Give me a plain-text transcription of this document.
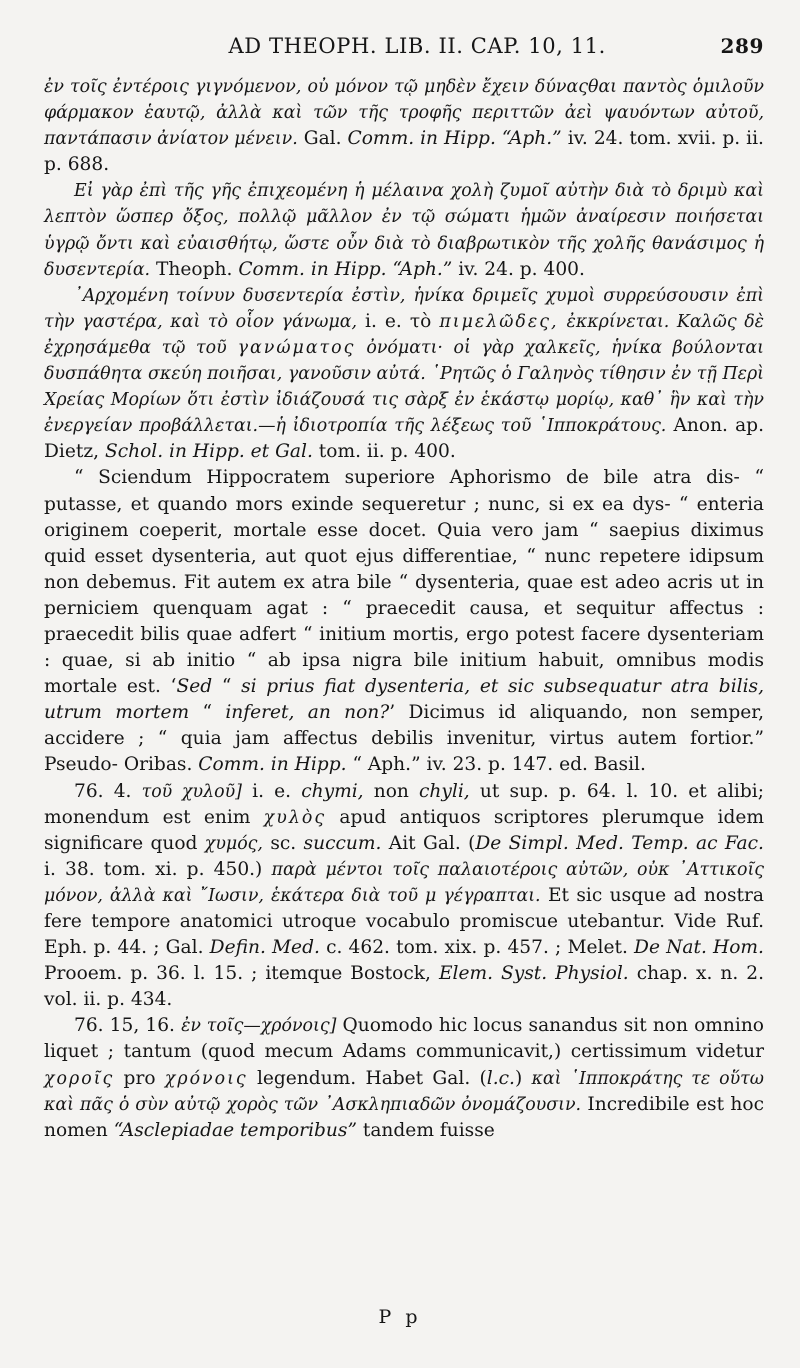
AD THEOPH. LIB. II. CAP. 10, 11.	289

ἐν τοῖς ἐντέροις γιγνόμενον, οὐ μόνον τῷ μηδὲν ἔχειν δύναςθαι παντὸς ὁμιλοῦν φάρμακον ἑαυτῷ, ἀλλὰ καὶ τῶν τῆς τροφῆς περιττῶν ἀεὶ ψαυόντων αὐτοῦ, παντάπασιν ἀνίατον μένειν. Gal. Comm. in Hipp. “Aph.” iv. 24. tom. xvii. p. ii. p. 688.

Εἰ γὰρ ἐπὶ τῆς γῆς ἐπιχεομένη ἡ μέλαινα χολὴ ζυμοῖ αὐτὴν διὰ τὸ δριμὺ καὶ λεπτὸν ὥσπερ ὄξος, πολλῷ μᾶλλον ἐν τῷ σώματι ἡμῶν ἀναίρεσιν ποιήσεται ὑγρῷ ὄντι καὶ εὐαισθήτῳ, ὥστε οὖν διὰ τὸ διαβρωτικὸν τῆς χολῆς θανάσιμος ἡ δυσεντερία. Theoph. Comm. in Hipp. “Aph.” iv. 24. p. 400.

᾿Αρχομένη τοίνυν δυσεντερία ἐστὶν, ἡνίκα δριμεῖς χυμοὶ συρρεύσουσιν ἐπὶ τὴν γαστέρα, καὶ τὸ οἷον γάνωμα, i. e. τὸ πιμελῶδες, ἐκκρίνεται. Καλῶς δὲ ἐχρησάμεθα τῷ τοῦ γανώματος ὀνόματι· οἱ γὰρ χαλκεῖς, ἡνίκα βούλονται δυσπάθητα σκεύη ποιῆσαι, γανοῦσιν αὐτά. ῾Ρητῶς ὁ Γαληνὸς τίθησιν ἐν τῇ Περὶ Χρείας Μορίων ὅτι ἐστὶν ἰδιάζουσά τις σὰρξ ἐν ἑκάστῳ μορίῳ, καθ᾿ ἣν καὶ τὴν ἐνεργείαν προβάλλεται.—ἡ ἰδιοτροπία τῆς λέξεως τοῦ ῾Ιπποκράτους. Anon. ap. Dietz, Schol. in Hipp. et Gal. tom. ii. p. 400.

“ Sciendum Hippocratem superiore Aphorismo de bile atra dis- “ putasse, et quando mors exinde sequeretur ; nunc, si ex ea dys- “ enteria originem coeperit, mortale esse docet. Quia vero jam “ saepius diximus quid esset dysenteria, aut quot ejus differentiae, “ nunc repetere idipsum non debemus. Fit autem ex atra bile “ dysenteria, quae est adeo acris ut in perniciem quenquam agat : “ praecedit causa, et sequitur affectus : praecedit bilis quae adfert “ initium mortis, ergo potest facere dysenteriam : quae, si ab initio “ ab ipsa nigra bile initium habuit, omnibus modis mortale est. ‘Sed “ si prius fiat dysenteria, et sic subsequatur atra bilis, utrum mortem “ inferet, an non?’ Dicimus id aliquando, non semper, accidere ; “ quia jam affectus debilis invenitur, virtus autem fortior.” Pseudo- Oribas. Comm. in Hipp. “ Aph.” iv. 23. p. 147. ed. Basil.

76. 4. τοῦ χυλοῦ] i. e. chymi, non chyli, ut sup. p. 64. l. 10. et alibi; monendum est enim χυλὸς apud antiquos scriptores plerumque idem significare quod χυμός, sc. succum. Ait Gal. (De Simpl. Med. Temp. ac Fac. i. 38. tom. xi. p. 450.) παρὰ μέντοι τοῖς παλαιοτέροις αὐτῶν, οὐκ ᾿Αττικοῖς μόνον, ἀλλὰ καὶ ῎Ιωσιν, ἑκάτερα διὰ τοῦ μ γέγραπται. Et sic usque ad nostra fere tempore anatomici utroque vocabulo promiscue utebantur. Vide Ruf. Eph. p. 44. ; Gal. Defin. Med. c. 462. tom. xix. p. 457. ; Melet. De Nat. Hom. Prooem. p. 36. l. 15. ; itemque Bostock, Elem. Syst. Physiol. chap. x. n. 2. vol. ii. p. 434.

76. 15, 16. ἐν τοῖς—χρόνοις] Quomodo hic locus sanandus sit non omnino liquet ; tantum (quod mecum Adams communicavit,) certissimum videtur χοροῖς pro χρόνοις legendum. Habet Gal. (l.c.) καὶ ῾Ιπποκράτης τε οὕτω καὶ πᾶς ὁ σὺν αὐτῷ χορὸς τῶν ᾿Ασκληπιαδῶν ὀνομάζουσιν. Incredibile est hoc nomen “Asclepiadae temporibus” tandem fuisse

P p
